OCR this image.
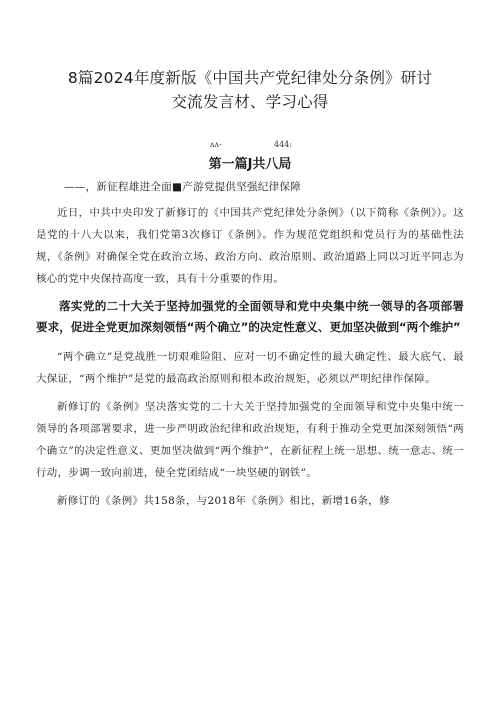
8篇2024年度新版《中国共产党纪律处分条例》研讨
交流发言材、学习心得
ʌʌ-	444:
第一篇J共八局
——，新征程雄进全面■产游党提供坚强纪律保障

近日，中共中央印发了新修订的《中国共产党纪律处分条例》（以下简称《条例》）。这是党的十八大以来，我们党第3次修订《条例》。作为规范党组织和党员行为的基础性法规，《条例》对确保全党在政治立场、政治方向、政治原则、政治道路上同以习近平同志为核心的党中央保持高度一致，具有十分重要的作用。

落实党的二十大关于坚持加强党的全面领导和党中央集中统一领导的各项部署要求，促进全党更加深刻领悟“两个确立”的决定性意义、更加坚决做到“两个维护”

“两个确立”是党战胜一切艰难险阻、应对一切不确定性的最大确定性、最大底气、最大保证，“两个维护”是党的最高政治原则和根本政治规矩，必须以严明纪律作保障。

新修订的《条例》坚决落实党的二十大关于坚持加强党的全面领导和党中央集中统一领导的各项部署要求，进一步严明政治纪律和政治规矩，有利于推动全党更加深刻领悟“两个确立”的决定性意义、更加坚决做到“两个维护”，在新征程上统一思想、统一意志、统一行动，步调一致向前进，使全党团结成“一块坚硬的钢铁”。

新修订的《条例》共158条，与2018年《条例》相比，新增16条，修
